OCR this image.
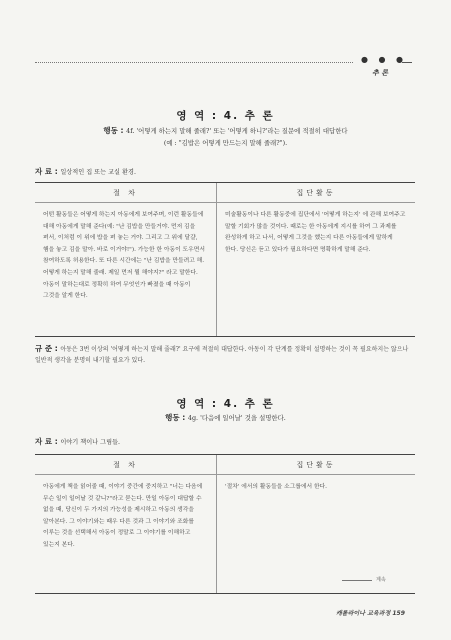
● ● ●
추 론
영 역 : 4. 추 론
행동 : 4f. '어떻게 하는지 말해 줄래?' 또는 '어떻게 하니?'라는 질문에 적절히 대답한다
(예 : "김밥은 어떻게 만드는지 말해 줄래?").
자 료 : 일상적인 집 또는 교실 환경.
절 차	집단활동
어떤 활동들은 어떻게 하는지 아동에게 보여주며, 이런 활동들에 대해 아동에게 말해 준다(예: "난 김밥을 만들거야. 먼저 김을 펴서, 이처럼 이 위에 밥을 펴 놓는 거야. 그리고 그 위에 달걀, 햄을 놓고 김을 말아. 바로 이거야!"). 가능한 한 아동이 도우면서 참여하도록 허용한다. 또 다른 시간에는 "난 김밥을 만들려고 해. 어떻게 하는지 말해 줄래. 제일 먼저 뭘 해야지?" 라고 말한다. 아동이 말하는대로 정확히 하여 무엇인가 빠졌을 때 아동이 그것을 알게 한다.
미술활동이나 다른 활동중에 집단에서 '어떻게 하는지' 에 관해 보여주고 말할 기회가 많을 것이다. 때로는 한 아동에게 지시를 하여 그 과제를 완성하게 하고 나서, 어떻게 그것을 했는지 다른 아동들에게 말하게 한다. 당신은 듣고 있다가 필요하다면 명확하게 말해 준다.
규 준 : 아동은 3번 이상의 '어떻게 하는지 말해 줄래?' 요구에 적절히 대답한다. 아동이 각 단계를 정확히 설명하는 것이 꼭 필요하지는 않으나 일반적 생각을 분명히 내기할 필요가 있다.
영 역 : 4. 추 론
행동 : 4g. '다음에 일어날' 것을 설명한다.
자 료 : 이야기 책이나 그림들.
절 차	집단활동
아동에게 책을 읽어줄 때, 이야기 중간에 중지하고 "너는 다음에 무슨 일이 일어날 것 같니?"라고 묻는다. 만일 아동이 대답할 수 없을 때, 당신이 두 가지의 가능성을 제시하고 아동의 생각을 알아본다. 그 이야기와는 때우 다른 것과 그 이야기와 조화를 이루는 것을 선택해서 아동이 정말로 그 이야기를 이해하고 있는지 본다.
'절차' 에서의 활동들을 소그룹에서 한다.
계속
캐롤라이나 교육과정 159
